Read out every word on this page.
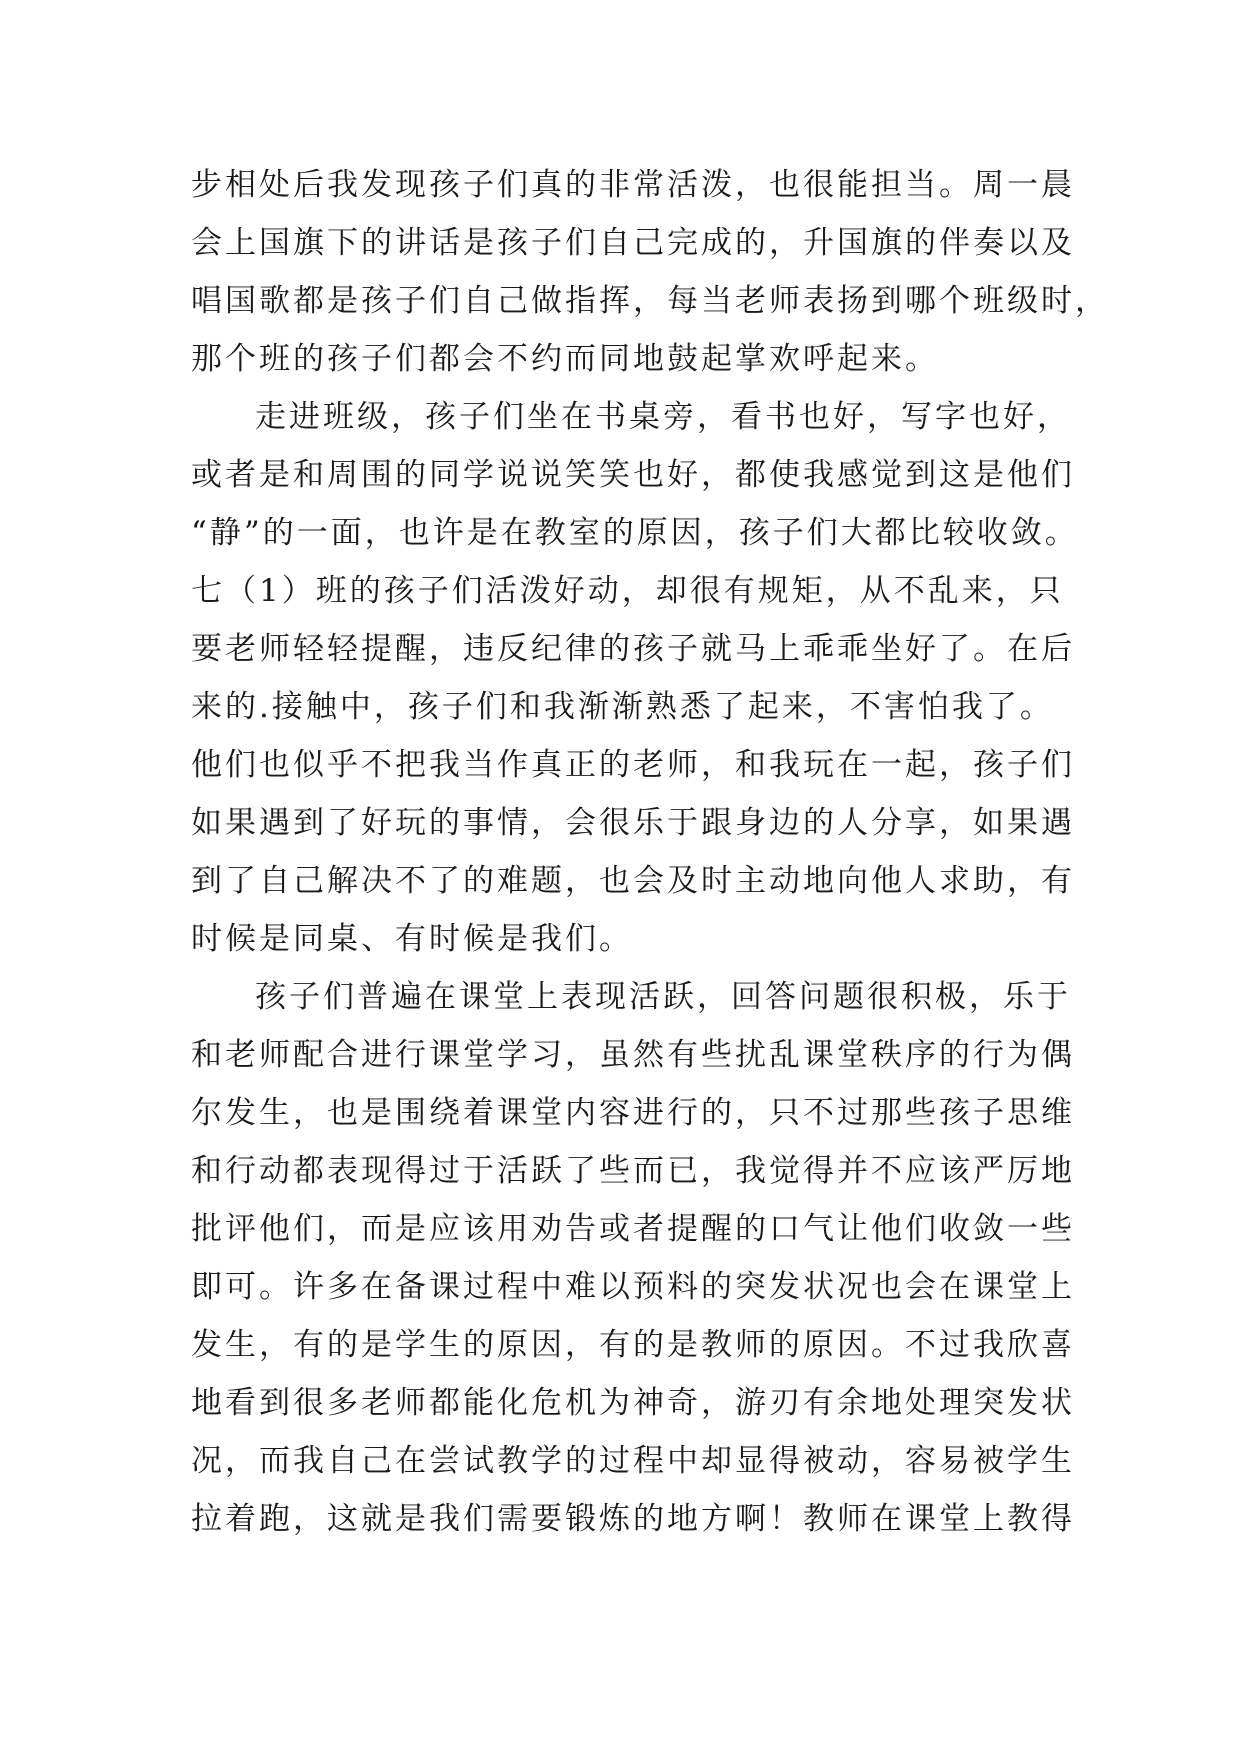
步相处后我发现孩子们真的非常活泼，也很能担当。周一晨
会上国旗下的讲话是孩子们自己完成的，升国旗的伴奏以及
唱国歌都是孩子们自己做指挥，每当老师表扬到哪个班级时，
那个班的孩子们都会不约而同地鼓起掌欢呼起来。
走进班级，孩子们坐在书桌旁，看书也好，写字也好，
或者是和周围的同学说说笑笑也好，都使我感觉到这是他们
“静”的一面，也许是在教室的原因，孩子们大都比较收敛。
七（1）班的孩子们活泼好动，却很有规矩，从不乱来，只
要老师轻轻提醒，违反纪律的孩子就马上乖乖坐好了。在后
来的.接触中，孩子们和我渐渐熟悉了起来，不害怕我了。
他们也似乎不把我当作真正的老师，和我玩在一起，孩子们
如果遇到了好玩的事情，会很乐于跟身边的人分享，如果遇
到了自己解决不了的难题，也会及时主动地向他人求助，有
时候是同桌、有时候是我们。
孩子们普遍在课堂上表现活跃，回答问题很积极，乐于
和老师配合进行课堂学习，虽然有些扰乱课堂秩序的行为偶
尔发生，也是围绕着课堂内容进行的，只不过那些孩子思维
和行动都表现得过于活跃了些而已，我觉得并不应该严厉地
批评他们，而是应该用劝告或者提醒的口气让他们收敛一些
即可。许多在备课过程中难以预料的突发状况也会在课堂上
发生，有的是学生的原因，有的是教师的原因。不过我欣喜
地看到很多老师都能化危机为神奇，游刃有余地处理突发状
况，而我自己在尝试教学的过程中却显得被动，容易被学生
拉着跑，这就是我们需要锻炼的地方啊！教师在课堂上教得
